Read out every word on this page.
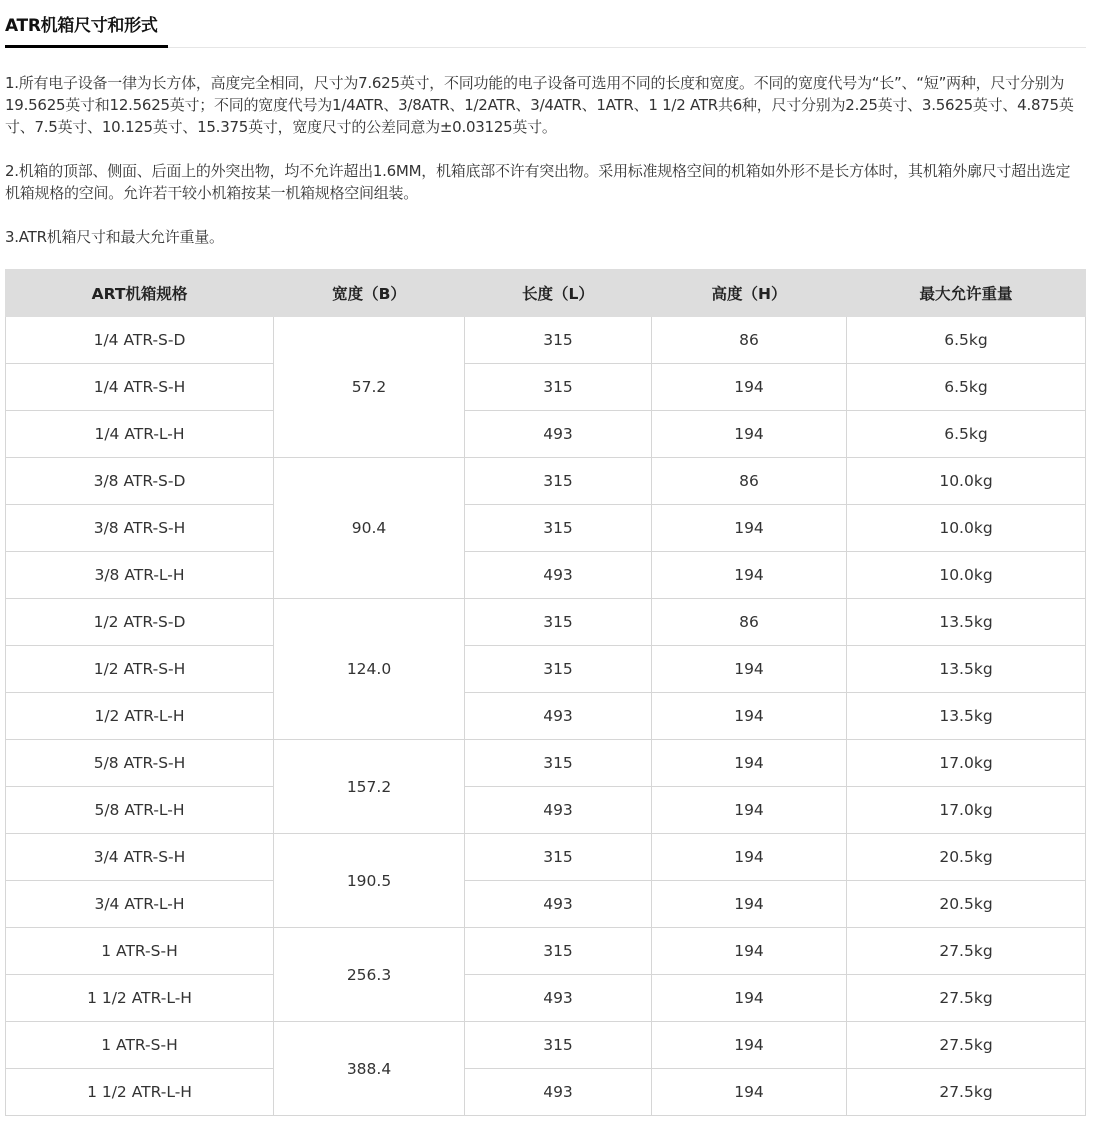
ATR机箱尺寸和形式

1.所有电子设备一律为长方体，高度完全相同，尺寸为7.625英寸，不同功能的电子设备可选用不同的长度和宽度。不同的宽度代号为“长”、“短”两种，尺寸分别为19.5625英寸和12.5625英寸；不同的宽度代号为1/4ATR、3/8ATR、1/2ATR、3/4ATR、1ATR、1 1/2 ATR共6种，尺寸分别为2.25英寸、3.5625英寸、4.875英寸、7.5英寸、10.125英寸、15.375英寸，宽度尺寸的公差同意为±0.03125英寸。

2.机箱的顶部、侧面、后面上的外突出物，均不允许超出1.6MM，机箱底部不许有突出物。采用标准规格空间的机箱如外形不是长方体时，其机箱外廓尺寸超出选定机箱规格的空间。允许若干较小机箱按某一机箱规格空间组装。

3.ATR机箱尺寸和最大允许重量。

ART机箱规格	宽度（B）	长度（L）	高度（H）	最大允许重量
1/4 ATR-S-D	57.2	315	86	6.5kg
1/4 ATR-S-H		315	194	6.5kg
1/4 ATR-L-H		493	194	6.5kg
3/8 ATR-S-D	90.4	315	86	10.0kg
3/8 ATR-S-H		315	194	10.0kg
3/8 ATR-L-H		493	194	10.0kg
1/2 ATR-S-D	124.0	315	86	13.5kg
1/2 ATR-S-H		315	194	13.5kg
1/2 ATR-L-H		493	194	13.5kg
5/8 ATR-S-H	157.2	315	194	17.0kg
5/8 ATR-L-H		493	194	17.0kg
3/4 ATR-S-H	190.5	315	194	20.5kg
3/4 ATR-L-H		493	194	20.5kg
1 ATR-S-H	256.3	315	194	27.5kg
1 1/2 ATR-L-H		493	194	27.5kg
1 ATR-S-H	388.4	315	194	27.5kg
1 1/2 ATR-L-H		493	194	27.5kg
